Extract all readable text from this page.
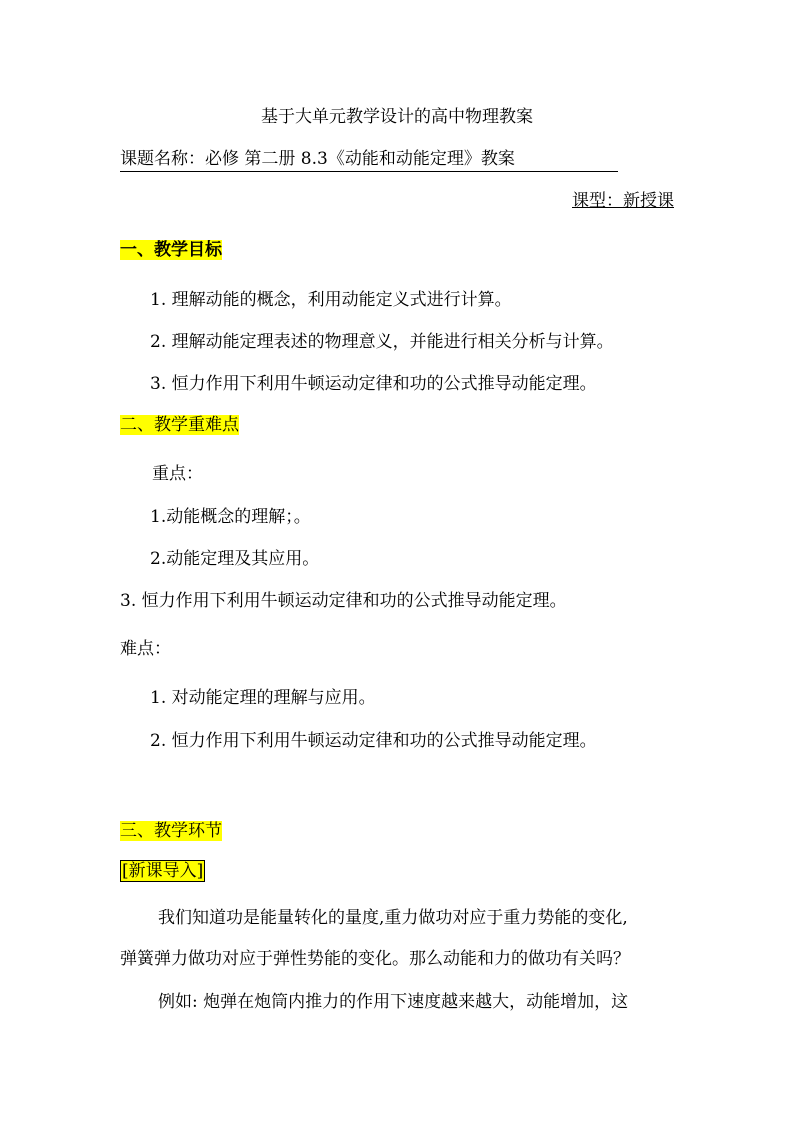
基于大单元教学设计的高中物理教案
课题名称：必修 第二册 8.3《动能和动能定理》教案
课型：新授课
一、教学目标
1. 理解动能的概念，利用动能定义式进行计算。
2. 理解动能定理表述的物理意义，并能进行相关分析与计算。
3. 恒力作用下利用牛顿运动定律和功的公式推导动能定理。
二、教学重难点
重点：
1.动能概念的理解；。
2.动能定理及其应用。
3. 恒力作用下利用牛顿运动定律和功的公式推导动能定理。
难点：
1. 对动能定理的理解与应用。
2. 恒力作用下利用牛顿运动定律和功的公式推导动能定理。
三、教学环节
[新课导入]
我们知道功是能量转化的量度,重力做功对应于重力势能的变化,
弹簧弹力做功对应于弹性势能的变化。那么动能和力的做功有关吗？
例如: 炮弹在炮筒内推力的作用下速度越来越大，动能增加，这
